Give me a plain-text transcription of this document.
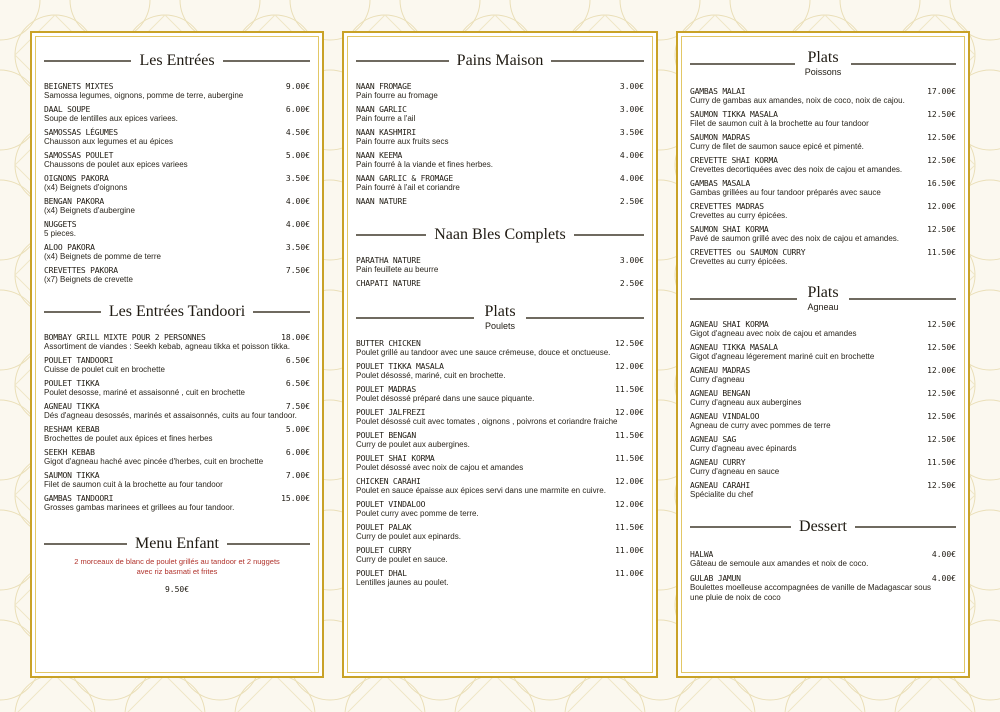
Les Entrées
BEIGNETS MIXTES	9.00€
Samossa legumes, oignons, pomme de terre, aubergine
DAAL SOUPE	6.00€
Soupe de lentilles aux epices variees.
SAMOSSAS LÉGUMES	4.50€
Chausson aux legumes et au épices
SAMOSSAS POULET	5.00€
Chaussons de poulet aux epices variees
OIGNONS PAKORA	3.50€
(x4) Beignets d'oignons
BENGAN PAKORA	4.00€
(x4) Beignets d'aubergine
NUGGETS	4.00€
5 pieces.
ALOO PAKORA	3.50€
(x4) Beignets de pomme de terre
CREVETTES PAKORA	7.50€
(x7) Beignets de crevette
Les Entrées Tandoori
BOMBAY GRILL MIXTE POUR 2 PERSONNES	18.00€
Assortiment de viandes : Seekh kebab, agneau tikka et poisson tikka.
POULET TANDOORI	6.50€
Cuisse de poulet cuit en brochette
POULET TIKKA	6.50€
Poulet desosse, mariné et assaisonné , cuit en brochette
AGNEAU TIKKA	7.50€
Dés d'agneau desossés, marinés et assaisonnés, cuits au four tandoor.
RESHAM KEBAB	5.00€
Brochettes de poulet aux épices et fines herbes
SEEKH KEBAB	6.00€
Gigot d'agneau haché avec pincée d'herbes, cuit en brochette
SAUMON TIKKA	7.00€
Filet de saumon cuit à la brochette au four tandoor
GAMBAS TANDOORI	15.00€
Grosses gambas marinees et grillees au four tandoor.
Menu Enfant
2 morceaux de blanc de poulet grillés au tandoor et 2 nuggets
avec riz basmati et frites
9.50€
Pains Maison
NAAN FROMAGE	3.00€
Pain fourre au fromage
NAAN GARLIC	3.00€
Pain fourre a l'ail
NAAN KASHMIRI	3.50€
Pain fourre aux fruits secs
NAAN KEEMA	4.00€
Pain fourré à la viande et fines herbes.
NAAN GARLIC & FROMAGE	4.00€
Pain fourré à l'ail et coriandre
NAAN NATURE	2.50€
Naan Bles Complets
PARATHA NATURE	3.00€
Pain feuillete au beurre
CHAPATI NATURE	2.50€
Plats
Poulets
BUTTER CHICKEN	12.50€
Poulet grillé au tandoor avec une sauce crémeuse, douce et onctueuse.
POULET TIKKA MASALA	12.00€
Poulet désossé, mariné, cuit en brochette.
POULET MADRAS	11.50€
Poulet désossé préparé dans une sauce piquante.
POULET JALFREZI	12.00€
Poulet désossé cuit avec tomates , oignons , poivrons et coriandre fraiche
POULET BENGAN	11.50€
Curry de poulet aux aubergines.
POULET SHAI KORMA	11.50€
Poulet désossé avec noix de cajou et amandes
CHICKEN CARAHI	12.00€
Poulet en sauce épaisse aux épices servi dans une marmite en cuivre.
POULET VINDALOO	12.00€
Poulet curry avec pomme de terre.
POULET PALAK	11.50€
Curry de poulet aux epinards.
POULET CURRY	11.00€
Curry de poulet en sauce.
POULET DHAL	11.00€
Lentilles jaunes au poulet.
Plats
Poissons
GAMBAS MALAI	17.00€
Curry de gambas aux amandes, noix de coco, noix de cajou.
SAUMON TIKKA MASALA	12.50€
Filet de saumon cuit à la brochette au four tandoor
SAUMON MADRAS	12.50€
Curry de filet de saumon sauce epicé et pimenté.
CREVETTE SHAI KORMA	12.50€
Crevettes decortiquées avec des noix de cajou et amandes.
GAMBAS MASALA	16.50€
Gambas grillées au four tandoor préparés avec sauce
CREVETTES MADRAS	12.00€
Crevettes au curry épicées.
SAUMON SHAI KORMA	12.50€
Pavé de saumon grillé avec des noix de cajou et amandes.
CREVETTES ou SAUMON CURRY	11.50€
Crevettes au curry épicées.
Plats
Agneau
AGNEAU SHAI KORMA	12.50€
Gigot d'agneau avec noix de cajou et amandes
AGNEAU TIKKA MASALA	12.50€
Gigot d'agneau légerement mariné cuit en brochette
AGNEAU MADRAS	12.00€
Curry d'agneau
AGNEAU BENGAN	12.50€
Curry d'agneau aux aubergines
AGNEAU VINDALOO	12.50€
Agneau de curry avec pommes de terre
AGNEAU SAG	12.50€
Curry d'agneau avec épinards
AGNEAU CURRY	11.50€
Curry d'agneau en sauce
AGNEAU CARAHI	12.50€
Spécialite du chef
Dessert
HALWA	4.00€
Gâteau de semoule aux amandes et noix de coco.
GULAB JAMUN	4.00€
Boulettes moelleuse accompagnées de vanille de Madagascar sous
une pluie de noix de coco
